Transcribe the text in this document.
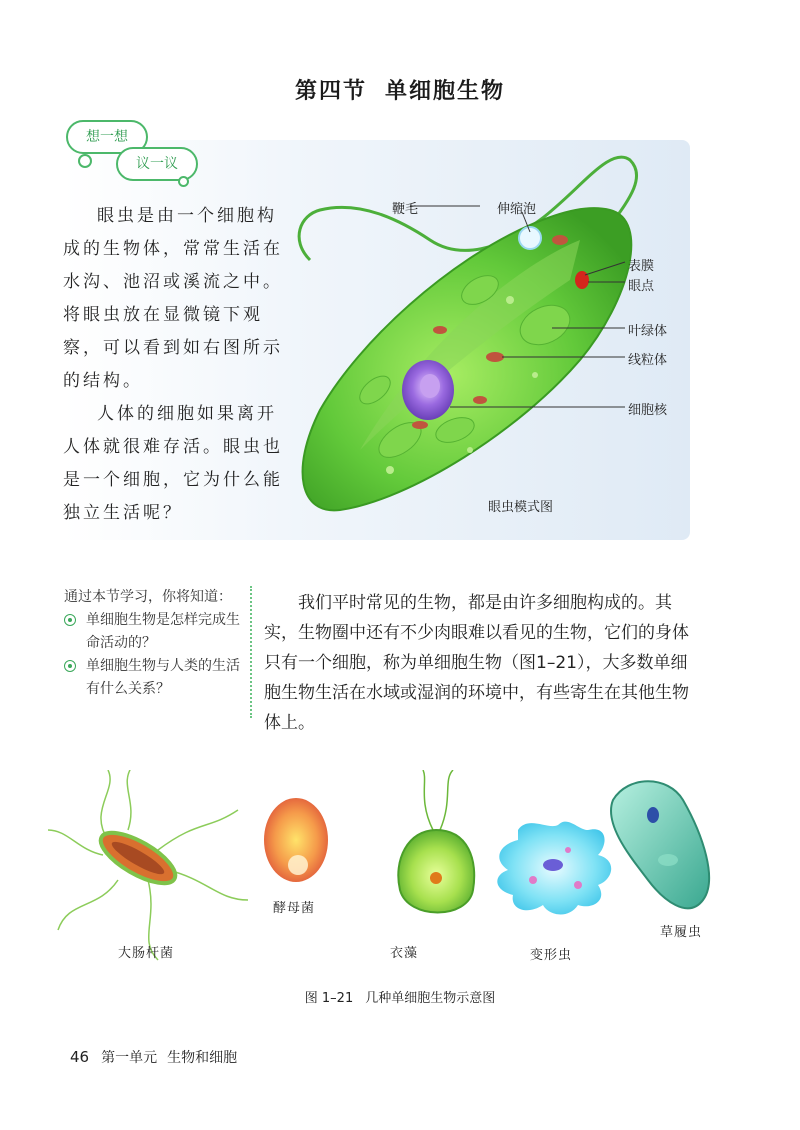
第四节 单细胞生物
想一想
议一议

眼虫是由一个细胞构成的生物体，常常生活在水沟、池沼或溪流之中。将眼虫放在显微镜下观察，可以看到如右图所示的结构。

人体的细胞如果离开人体就很难存活。眼虫也是一个细胞，它为什么能独立生活呢？

鞭毛	伸缩泡
表膜
眼点
叶绿体
线粒体
细胞核
眼虫模式图
通过本节学习，你将知道：
单细胞生物是怎样完成生命活动的？
单细胞生物与人类的生活有什么关系？

我们平时常见的生物，都是由许多细胞构成的。其实，生物圈中还有不少肉眼难以看见的生物，它们的身体只有一个细胞，称为单细胞生物（图1–21），大多数单细胞生物生活在水域或湿润的环境中，有些寄生在其他生物体上。

大肠杆菌
酵母菌
衣藻	变形虫
草履虫
图 1–21 几种单细胞生物示意图
46 第一单元 生物和细胞
